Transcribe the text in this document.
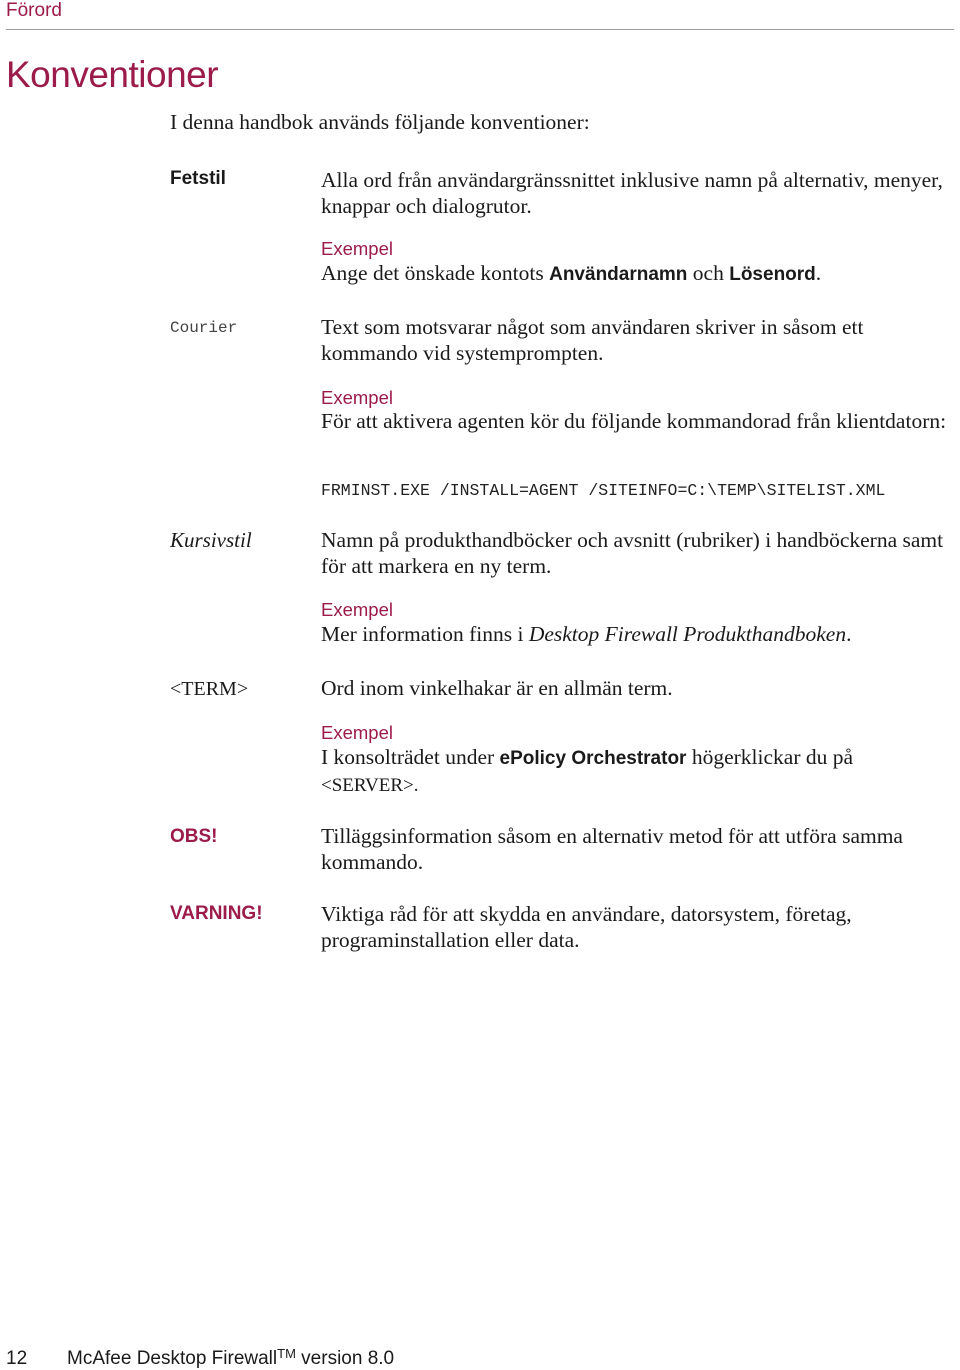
Förord
Konventioner
I denna handbok används följande konventioner:
Fetstil	Alla ord från användargränssnittet inklusive namn på alternativ, menyer, knappar och dialogrutor.
Exempel
Ange det önskade kontots Användarnamn och Lösenord.
Courier	Text som motsvarar något som användaren skriver in såsom ett kommando vid systemprompten.
Exempel
För att aktivera agenten kör du följande kommandorad från klientdatorn:
FRMINST.EXE /INSTALL=AGENT /SITEINFO=C:\TEMP\SITELIST.XML
Kursivstil	Namn på produkthandböcker och avsnitt (rubriker) i handböckerna samt för att markera en ny term.
Exempel
Mer information finns i Desktop Firewall Produkthandboken.
<TERM>	Ord inom vinkelhakar är en allmän term.
Exempel
I konsolträdet under ePolicy Orchestrator högerklickar du på <SERVER>.
OBS!	Tilläggsinformation såsom en alternativ metod för att utföra samma kommando.
VARNING!	Viktiga råd för att skydda en användare, datorsystem, företag, programinstallation eller data.
12 McAfee Desktop Firewall™ version 8.0
